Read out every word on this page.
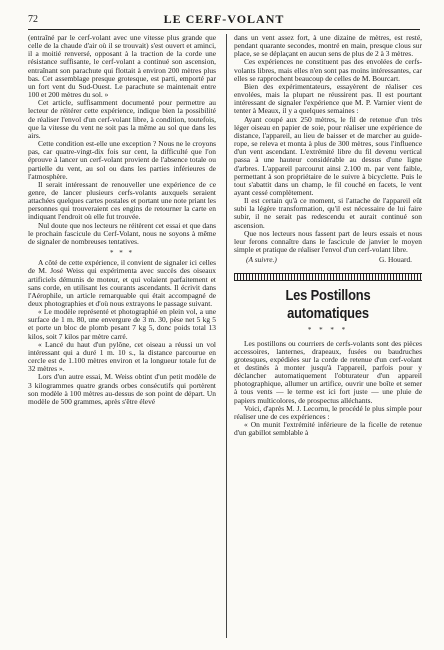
72	LE CERF-VOLANT

(entraîné par le cerf-volant avec une vitesse plus grande que celle de la chaude d'air où il se trouvait) s'est ouvert et aminci, il a moitié renversé, opposant à la traction de la corde une résistance suffisante, le cerf-volant a continué son ascension, entraînant son parachute qui flottait à environ 200 mètres plus bas. Cet assemblage presque grotesque, est parti, emporté par un fort vent du Sud-Ouest. Le parachute se maintenait entre 100 et 200 mètres du sol. »

Cet article, suffisamment documenté pour permettre au lecteur de réitérer cette expérience, indique bien la possibilité de réaliser l'envol d'un cerf-volant libre, à condition, toutefois, que la vitesse du vent ne soit pas la même au sol que dans les airs.

Cette condition est-elle une exception ? Nous ne le croyons pas, car quatre-vingt-dix fois sur cent, la difficulté que l'on éprouve à lancer un cerf-volant provient de l'absence totale ou partielle du vent, au sol ou dans les parties inférieures de l'atmosphère.

Il serait intéressant de renouveller une expérience de ce genre, de lancer plusieurs cerfs-volants auxquels seraient attachées quelques cartes postales et portant une note priant les personnes qui trouveraient ces engins de retourner la carte en indiquant l'endroit où elle fut trouvée.

Nul doute que nos lecteurs ne réitèrent cet essai et que dans le prochain fascicule du Cerf-Volant, nous ne soyons à même de signaler de nombreuses tentatives.

* * *

A côté de cette expérience, il convient de signaler ici celles de M. José Weiss qui expérimenta avec succès des oiseaux artificiels démunis de moteur, et qui volaient parfaitement et sans corde, en utilisant les courants ascendants. Il écrivit dans l'Aérophile, un article remarquable qui était accompagné de deux photographies et d'où nous extrayons le passage suivant.

« Le modèle représenté et photographié en plein vol, a une surface de 1 m. 80, une envergure de 3 m. 30, pèse net 5 kg 5 et porte un bloc de plomb pesant 7 kg 5, donc poids total 13 kilos, soit 7 kilos par mètre carré.

« Lancé du haut d'un pylône, cet oiseau a réussi un vol intéressant qui a duré 1 m. 10 s., la distance parcourue en cercle est de 1.100 mètres environ et la longueur totale fut de 32 mètres ».

Lors d'un autre essai, M. Weiss obtint d'un petit modèle de 3 kilogrammes quatre grands orbes consécutifs qui portèrent son modèle à 100 mètres au-dessus de son point de départ. Un modèle de 500 grammes, après s'être élevé

dans un vent assez fort, à une dizaine de mètres, est resté, pendant quarante secondes, montré en main, presque clous sur place, se se déplaçant en aucun sens de plus de 2 à 3 mètres.

Ces expériences ne constituent pas des envolées de cerfs-volants libres, mais elles n'en sont pas moins intéressantes, car elles se rapprochent beaucoup de celles de M. Bourcart.

Bien des expérimentateurs, essayèrent de réaliser ces envolées, mais la plupart ne réussirent pas. Il est pourtant intéressant de signaler l'expérience que M. P. Varnier vient de tenter à Meaux, il y a quelques semaines :

Ayant coupé aux 250 mètres, le fil de retenue d'un très léger oiseau en papier de soie, pour réaliser une expérience de distance, l'appareil, au lieu de baisser et de marcher au guide-rope, se releva et monta à plus de 300 mètres, sous l'influence d'un vent ascendant. L'extrémité libre du fil devenu vertical passa à une hauteur considérable au dessus d'une ligne d'arbres. L'appareil parcourut ainsi 2.100 m. par vent faible, permettant à son propriétaire de le suivre à bicyclette. Puis le tout s'abattit dans un champ, le fil couché en facets, le vent ayant cessé complètement.

Il est certain qu'à ce moment, si l'attache de l'appareil eût subi la légère transformation, qu'il est nécessaire de lui faire subir, il ne serait pas redescendu et aurait continué son ascension.

Que nos lecteurs nous fassent part de leurs essais et nous leur ferons connaître dans le fascicule de janvier le moyen simple et pratique de réaliser l'envol d'un cerf-volant libre.

(A suivre.)	G. Houard.
Les Postillons automatiques
* * * *

Les postillons ou courriers de cerfs-volants sont des pièces accessoires, lanternes, drapeaux, fusées ou baudruches grotesques, expédiées sur la corde de retenue d'un cerf-volant et destinés à monter jusqu'à l'appareil, parfois pour y déclancher automatiquement l'obturateur d'un appareil photographique, allumer un artifice, ouvrir une boîte et semer à tous vents — le terme est ici fort juste — une pluie de papiers multicolores, de prospectus alléchants.

Voici, d'après M. J. Lecornu, le procédé le plus simple pour réaliser une de ces expériences :

« On munit l'extrémité inférieure de la ficelle de retenue d'un gabillot semblable à
